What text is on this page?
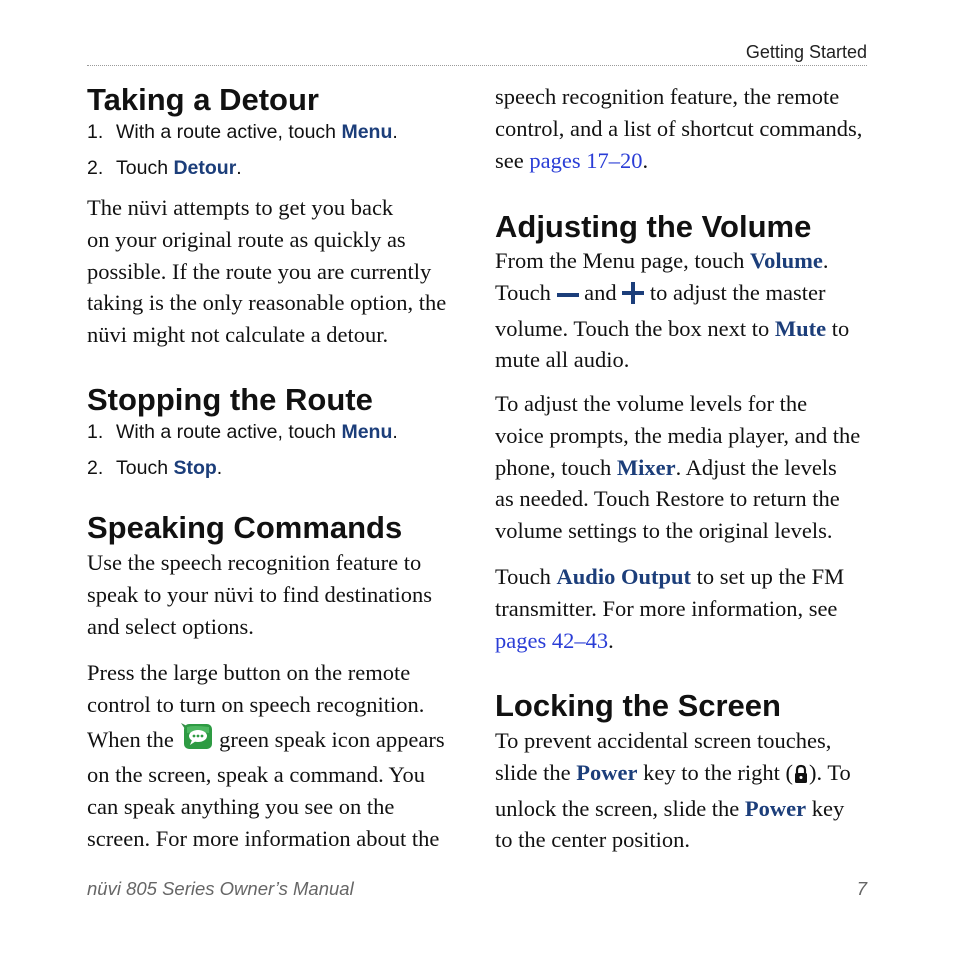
Getting Started
Taking a Detour
1. With a route active, touch Menu.
2. Touch Detour.

The nüvi attempts to get you back
on your original route as quickly as
possible. If the route you are currently
taking is the only reasonable option, the
nüvi might not calculate a detour.

Stopping the Route
1. With a route active, touch Menu.
2. Touch Stop.
Speaking Commands

Use the speech recognition feature to
speak to your nüvi to find destinations
and select options.

Press the large button on the remote
control to turn on speech recognition.
When the  green speak icon appears
on the screen, speak a command. You
can speak anything you see on the
screen. For more information about the

speech recognition feature, the remote
control, and a list of shortcut commands,
see pages 17–20.

Adjusting the Volume

From the Menu page, touch Volume.
Touch  and  to adjust the master
volume. Touch the box next to Mute to
mute all audio.

To adjust the volume levels for the
voice prompts, the media player, and the
phone, touch Mixer. Adjust the levels
as needed. Touch Restore to return the
volume settings to the original levels.

Touch Audio Output to set up the FM
transmitter. For more information, see
pages 42–43.

Locking the Screen

To prevent accidental screen touches,
slide the Power key to the right ( ). To
unlock the screen, slide the Power key
to the center position.

nüvi 805 Series Owner’s Manual	7
